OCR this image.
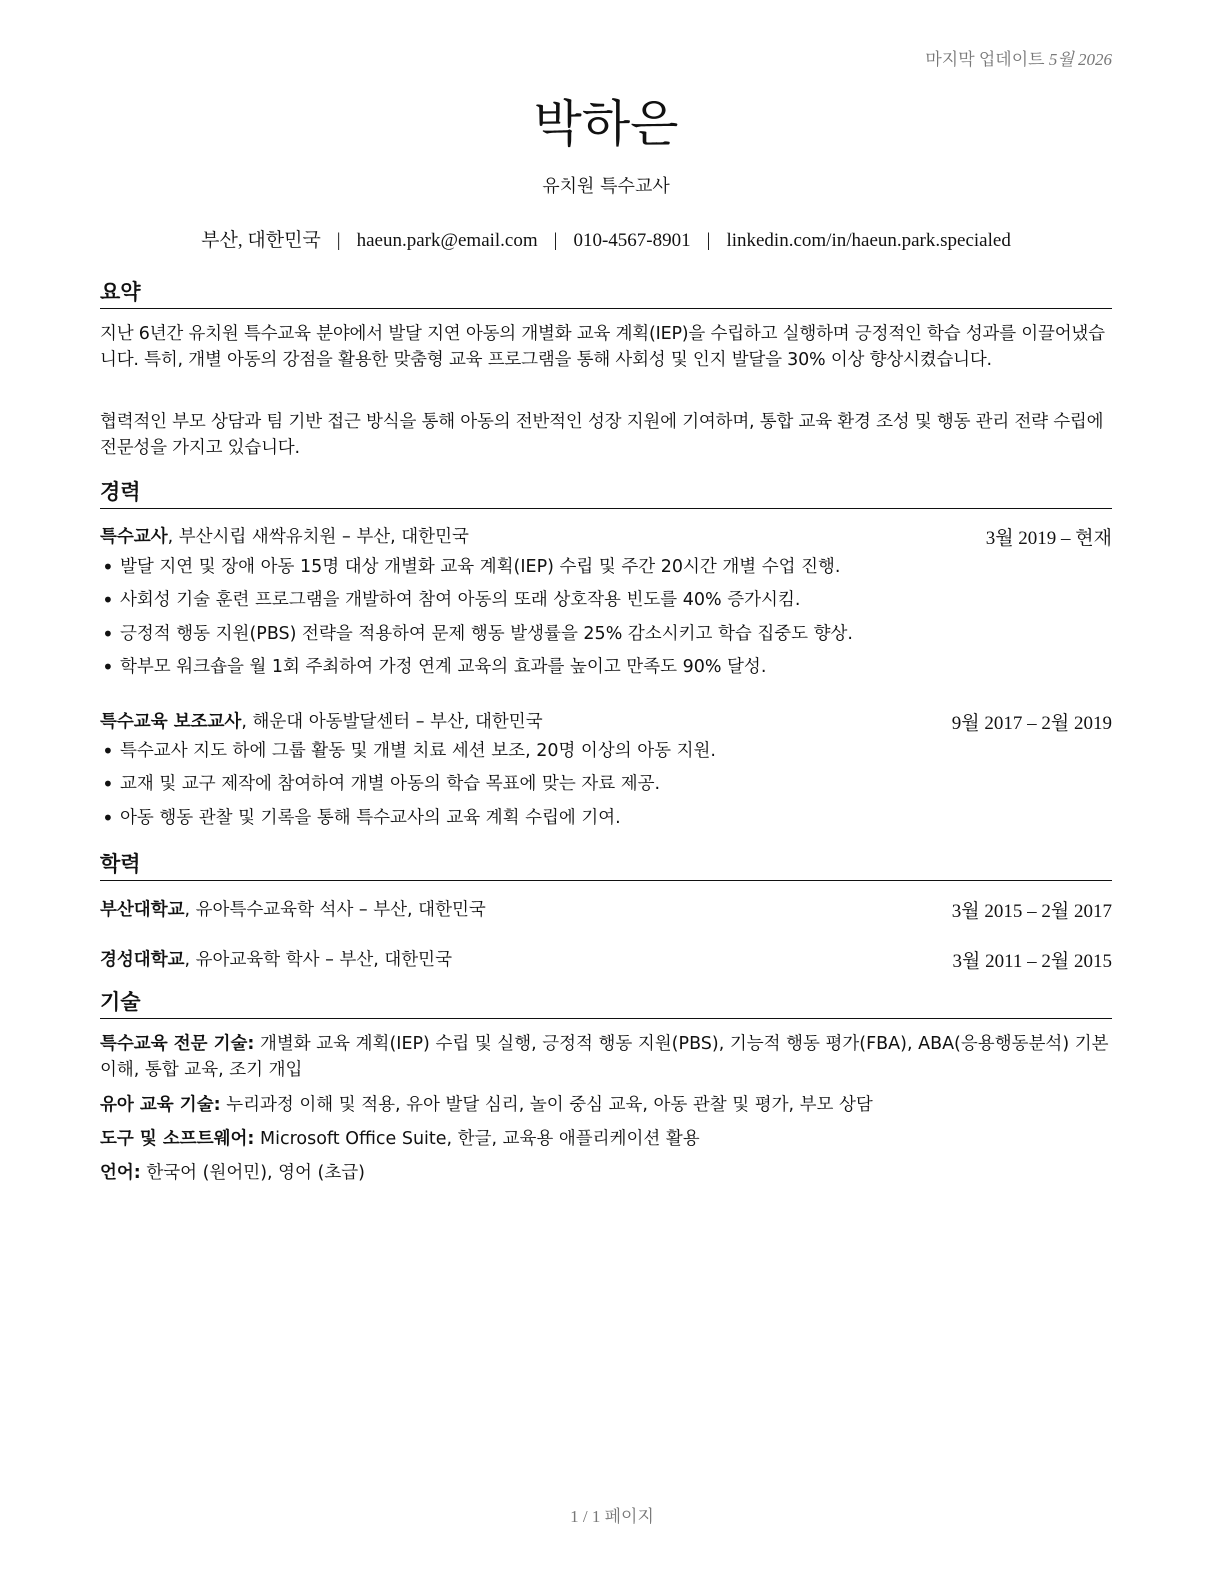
마지막 업데이트 5월 2026
박하은
유치원 특수교사
부산, 대한민국 | haeun.park@email.com | 010-4567-8901 | linkedin.com/in/haeun.park.specialed
요약

지난 6년간 유치원 특수교육 분야에서 발달 지연 아동의 개별화 교육 계획(IEP)을 수립하고 실행하며 긍정적인 학습 성과를 이끌어냈습니다. 특히, 개별 아동의 강점을 활용한 맞춤형 교육 프로그램을 통해 사회성 및 인지 발달을 30% 이상 향상시켰습니다.

협력적인 부모 상담과 팀 기반 접근 방식을 통해 아동의 전반적인 성장 지원에 기여하며, 통합 교육 환경 조성 및 행동 관리 전략 수립에 전문성을 가지고 있습니다.

경력
특수교사, 부산시립 새싹유치원 – 부산, 대한민국	3월 2019 – 현재
• 발달 지연 및 장애 아동 15명 대상 개별화 교육 계획(IEP) 수립 및 주간 20시간 개별 수업 진행.
• 사회성 기술 훈련 프로그램을 개발하여 참여 아동의 또래 상호작용 빈도를 40% 증가시킴.
• 긍정적 행동 지원(PBS) 전략을 적용하여 문제 행동 발생률을 25% 감소시키고 학습 집중도 향상.
• 학부모 워크숍을 월 1회 주최하여 가정 연계 교육의 효과를 높이고 만족도 90% 달성.
특수교육 보조교사, 해운대 아동발달센터 – 부산, 대한민국	9월 2017 – 2월 2019
• 특수교사 지도 하에 그룹 활동 및 개별 치료 세션 보조, 20명 이상의 아동 지원.
• 교재 및 교구 제작에 참여하여 개별 아동의 학습 목표에 맞는 자료 제공.
• 아동 행동 관찰 및 기록을 통해 특수교사의 교육 계획 수립에 기여.
학력
부산대학교, 유아특수교육학 석사 – 부산, 대한민국	3월 2015 – 2월 2017
경성대학교, 유아교육학 학사 – 부산, 대한민국	3월 2011 – 2월 2015
기술
특수교육 전문 기술: 개별화 교육 계획(IEP) 수립 및 실행, 긍정적 행동 지원(PBS), 기능적 행동 평가(FBA), ABA(응용행동분석) 기본 이해, 통합 교육, 조기 개입
유아 교육 기술: 누리과정 이해 및 적용, 유아 발달 심리, 놀이 중심 교육, 아동 관찰 및 평가, 부모 상담
도구 및 소프트웨어: Microsoft Office Suite, 한글, 교육용 애플리케이션 활용
언어: 한국어 (원어민), 영어 (초급)
1 / 1 페이지
